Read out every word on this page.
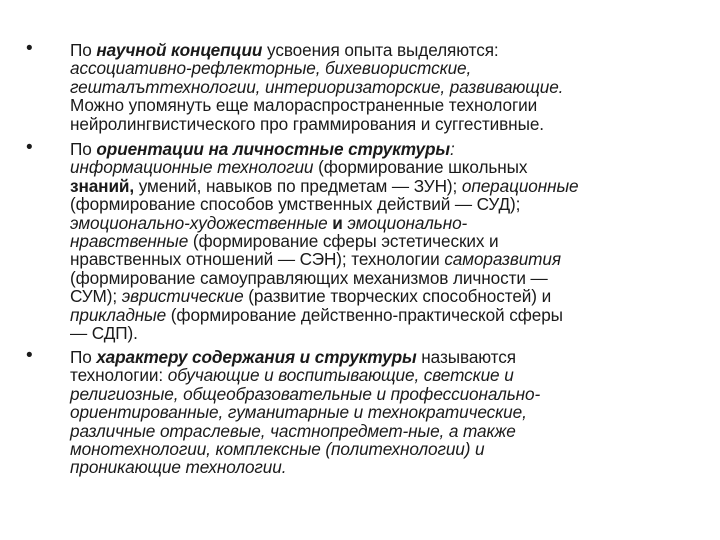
• По научной концепции усвоения опыта выделяются:
ассоциативно-рефлекторные, бихевиористские,
гешталъттехнологии, интериоризаторские, развивающие.
Можно упомянуть еще малораспространенные технологии
нейролингвистического про граммирования и суггестивные.
• По ориентации на личностные структуры:
информационные технологии (формирование школьных
знаний, умений, навыков по предметам — ЗУН); операционные
(формирование способов умственных действий — СУД);
эмоционально-художественные и эмоционально-
нравственные (формирование сферы эстетических и
нравственных отношений — СЭН); технологии саморазвития
(формирование самоуправляющих механизмов личности —
СУМ); эвристические (развитие творческих способностей) и
прикладные (формирование действенно-практической сферы
— СДП).
• По характеру содержания и структуры называются
технологии: обучающие и воспитывающие, светские и
религиозные, общеобразовательные и профессионально-
ориентированные, гуманитарные и технократические,
различные отраслевые, частнопредмет-ные, а также
монотехнологии, комплексные (политехнологии) и
проникающие технологии.
